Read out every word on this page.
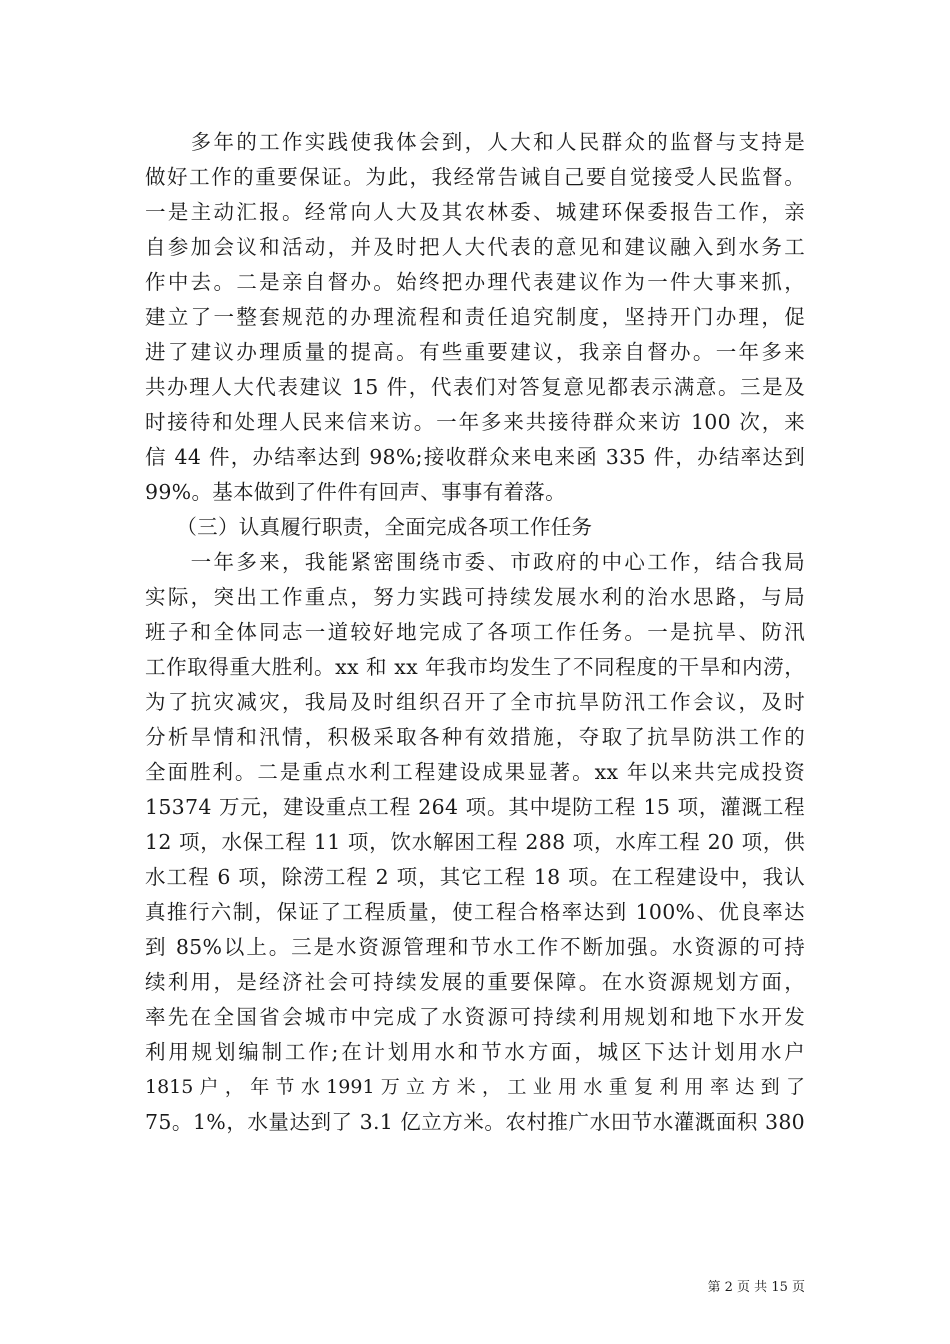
　　多年的工作实践使我体会到，人大和人民群众的监督与支持是
做好工作的重要保证。为此，我经常告诫自己要自觉接受人民监督。
一是主动汇报。经常向人大及其农林委、城建环保委报告工作，亲
自参加会议和活动，并及时把人大代表的意见和建议融入到水务工
作中去。二是亲自督办。始终把办理代表建议作为一件大事来抓，
建立了一整套规范的办理流程和责任追究制度，坚持开门办理，促
进了建议办理质量的提高。有些重要建议，我亲自督办。一年多来
共办理人大代表建议 15 件，代表们对答复意见都表示满意。三是及
时接待和处理人民来信来访。一年多来共接待群众来访 100 次，来
信 44 件，办结率达到 98%;接收群众来电来函 335 件，办结率达到
99%。基本做到了件件有回声、事事有着落。
　　（三）认真履行职责，全面完成各项工作任务
　　一年多来，我能紧密围绕市委、市政府的中心工作，结合我局
实际，突出工作重点，努力实践可持续发展水利的治水思路，与局
班子和全体同志一道较好地完成了各项工作任务。一是抗旱、防汛
工作取得重大胜利。xx 和 xx 年我市均发生了不同程度的干旱和内涝，
为了抗灾减灾，我局及时组织召开了全市抗旱防汛工作会议，及时
分析旱情和汛情，积极采取各种有效措施，夺取了抗旱防洪工作的
全面胜利。二是重点水利工程建设成果显著。xx 年以来共完成投资
15374 万元，建设重点工程 264 项。其中堤防工程 15 项，灌溉工程
12 项，水保工程 11 项，饮水解困工程 288 项，水库工程 20 项，供
水工程 6 项，除涝工程 2 项，其它工程 18 项。在工程建设中，我认
真推行六制，保证了工程质量，使工程合格率达到 100%、优良率达
到 85%以上。三是水资源管理和节水工作不断加强。水资源的可持
续利用，是经济社会可持续发展的重要保障。在水资源规划方面，
率先在全国省会城市中完成了水资源可持续利用规划和地下水开发
利用规划编制工作;在计划用水和节水方面，城区下达计划用水户
1815 户 ， 年 节 水 1991 万 立 方 米 ， 工 业 用 水 重 复 利 用 率 达 到 了
75。1%，水量达到了 3.1 亿立方米。农村推广水田节水灌溉面积 380
第 2 页 共 15 页
